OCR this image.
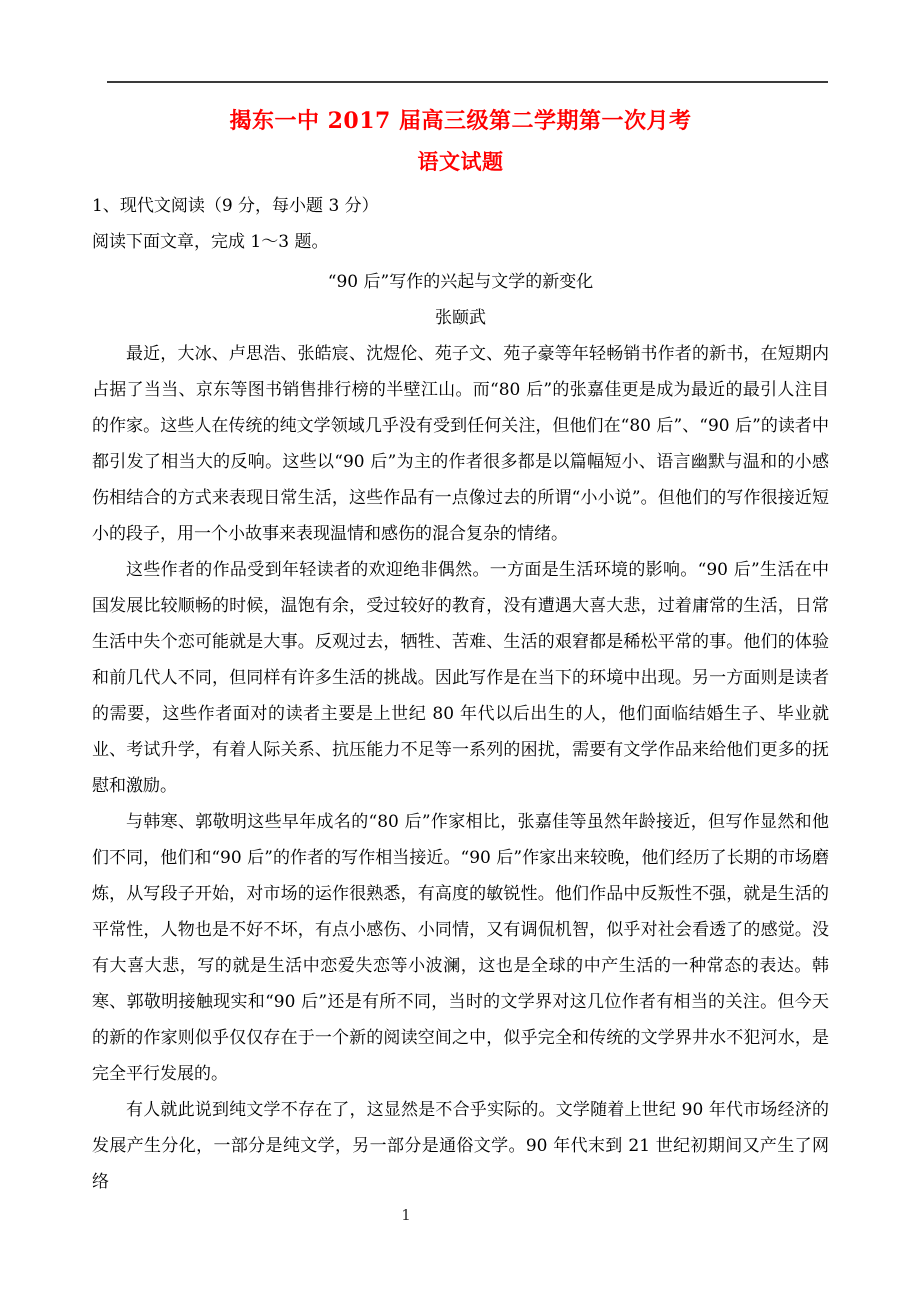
揭东一中 2017 届高三级第二学期第一次月考
语文试题

1、现代文阅读（9 分，每小题 3 分）

阅读下面文章，完成 1～3 题。

“90 后”写作的兴起与文学的新变化

张颐武

最近，大冰、卢思浩、张皓宸、沈煜伦、苑子文、苑子豪等年轻畅销书作者的新书，在短期内占据了当当、京东等图书销售排行榜的半壁江山。而“80 后”的张嘉佳更是成为最近的最引人注目的作家。这些人在传统的纯文学领域几乎没有受到任何关注，但他们在“80 后”、“90 后”的读者中都引发了相当大的反响。这些以“90 后”为主的作者很多都是以篇幅短小、语言幽默与温和的小感伤相结合的方式来表现日常生活，这些作品有一点像过去的所谓“小小说”。但他们的写作很接近短小的段子，用一个小故事来表现温情和感伤的混合复杂的情绪。

这些作者的作品受到年轻读者的欢迎绝非偶然。一方面是生活环境的影响。“90 后”生活在中国发展比较顺畅的时候，温饱有余，受过较好的教育，没有遭遇大喜大悲，过着庸常的生活，日常生活中失个恋可能就是大事。反观过去，牺牲、苦难、生活的艰窘都是稀松平常的事。他们的体验和前几代人不同，但同样有许多生活的挑战。因此写作是在当下的环境中出现。另一方面则是读者的需要，这些作者面对的读者主要是上世纪 80 年代以后出生的人，他们面临结婚生子、毕业就业、考试升学，有着人际关系、抗压能力不足等一系列的困扰，需要有文学作品来给他们更多的抚慰和激励。

与韩寒、郭敬明这些早年成名的“80 后”作家相比，张嘉佳等虽然年龄接近，但写作显然和他们不同，他们和“90 后”的作者的写作相当接近。“90 后”作家出来较晚，他们经历了长期的市场磨炼，从写段子开始，对市场的运作很熟悉，有高度的敏锐性。他们作品中反叛性不强，就是生活的平常性，人物也是不好不坏，有点小感伤、小同情，又有调侃机智，似乎对社会看透了的感觉。没有大喜大悲，写的就是生活中恋爱失恋等小波澜，这也是全球的中产生活的一种常态的表达。韩寒、郭敬明接触现实和“90 后”还是有所不同，当时的文学界对这几位作者有相当的关注。但今天的新的作家则似乎仅仅存在于一个新的阅读空间之中，似乎完全和传统的文学界井水不犯河水，是完全平行发展的。

有人就此说到纯文学不存在了，这显然是不合乎实际的。文学随着上世纪 90 年代市场经济的发展产生分化，一部分是纯文学，另一部分是通俗文学。90 年代末到 21 世纪初期间又产生了网络

1
